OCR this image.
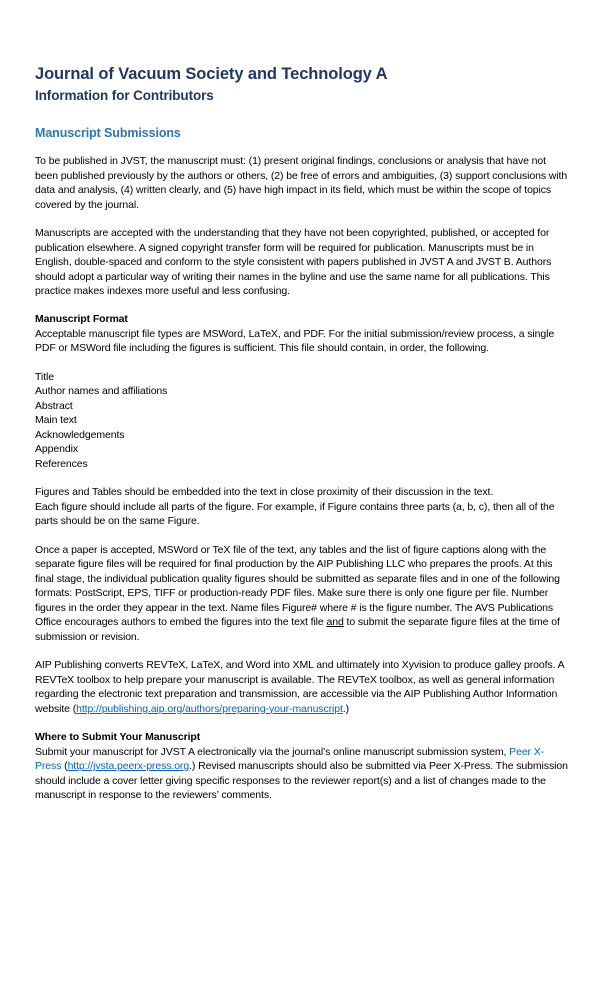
Journal of Vacuum Society and Technology A
Information for Contributors
Manuscript Submissions

To be published in JVST, the manuscript must: (1) present original findings, conclusions or analysis that have not been published previously by the authors or others, (2) be free of errors and ambiguities, (3) support conclusions with data and analysis, (4) written clearly, and (5) have high impact in its field, which must be within the scope of topics covered by the journal.

Manuscripts are accepted with the understanding that they have not been copyrighted, published, or accepted for publication elsewhere. A signed copyright transfer form will be required for publication. Manuscripts must be in English, double-spaced and conform to the style consistent with papers published in JVST A and JVST B. Authors should adopt a particular way of writing their names in the byline and use the same name for all publications. This practice makes indexes more useful and less confusing.

Manuscript Format

Acceptable manuscript file types are MSWord, LaTeX, and PDF. For the initial submission/review process, a single PDF or MSWord file including the figures is sufficient. This file should contain, in order, the following.

Title

Author names and affiliations

Abstract

Main text

Acknowledgements

Appendix

References

Figures and Tables should be embedded into the text in close proximity of their discussion in the text.

Each figure should include all parts of the figure. For example, if Figure contains three parts (a, b, c), then all of the parts should be on the same Figure.

Once a paper is accepted, MSWord or TeX file of the text, any tables and the list of figure captions along with the separate figure files will be required for final production by the AIP Publishing LLC who prepares the proofs. At this final stage, the individual publication quality figures should be submitted as separate files and in one of the following formats: PostScript, EPS, TIFF or production-ready PDF files. Make sure there is only one figure per file. Number figures in the order they appear in the text. Name files Figure# where # is the figure number. The AVS Publications Office encourages authors to embed the figures into the text file and to submit the separate figure files at the time of submission or revision.

AIP Publishing converts REVTeX, LaTeX, and Word into XML and ultimately into Xyvision to produce galley proofs. A REVTeX toolbox to help prepare your manuscript is available. The REVTeX toolbox, as well as general information regarding the electronic text preparation and transmission, are accessible via the AIP Publishing Author Information website (http://publishing.aip.org/authors/preparing-your-manuscript.)

Where to Submit Your Manuscript

Submit your manuscript for JVST A electronically via the journal’s online manuscript submission system, Peer X-Press (http://jvsta.peerx-press.org.) Revised manuscripts should also be submitted via Peer X-Press. The submission should include a cover letter giving specific responses to the reviewer report(s) and a list of changes made to the manuscript in response to the reviewers’ comments.
